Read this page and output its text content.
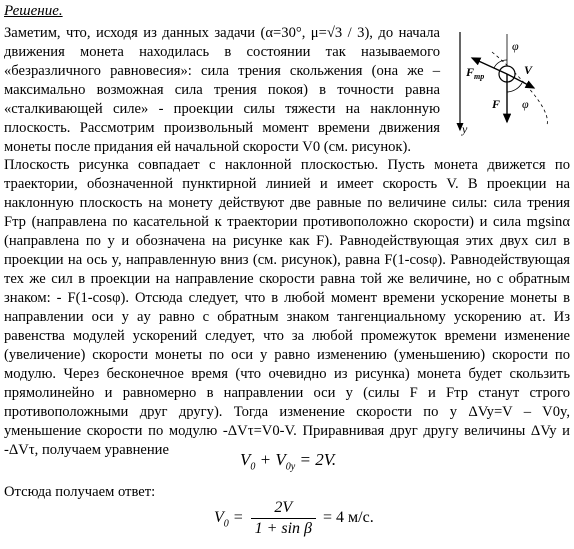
Решение.
Заметим, что, исходя из данных задачи (α=30°, μ=√3 / 3), до начала движения монета находилась в состоянии так называемого «безразличного равновесия»: сила трения скольжения (она же – максимально возможная сила трения покоя) в точности равна «сталкивающей силе» - проекции силы тяжести на наклонную плоскость. Рассмотрим произвольный момент времени движения монеты после придания ей начальной скорости V0 (см. рисунок).
y
$F_{тр}$	V
F
φ
φ
Плоскость рисунка совпадает с наклонной плоскостью. Пусть монета движется по траектории, обозначенной пунктирной линией и имеет скорость V. В проекции на наклонную плоскость на монету действуют две равные по величине силы: сила трения Fтр (направлена по касательной к траектории противоположно скорости) и сила mgsinα (направлена по y и обозначена на рисунке как F). Равнодействующая этих двух сил в проекции на ось y, направленную вниз (см. рисунок), равна F(1-cosφ). Равнодействующая тех же сил в проекции на направление скорости равна той же величине, но с обратным знаком: - F(1-cosφ). Отсюда следует, что в любой момент времени ускорение монеты в направлении оси y ay равно с обратным знаком тангенциальному ускорению aτ. Из равенства модулей ускорений следует, что за любой промежуток времени изменение (увеличение) скорости монеты по оси y равно изменению (уменьшению) скорости по модулю. Через бесконечное время (что очевидно из рисунка) монета будет скользить прямолинейно и равномерно в направлении оси y (силы F и Fтр станут строго противоположными друг другу). Тогда изменение скорости по y ΔVy=V – V0y, уменьшение скорости по модулю -ΔVτ=V0-V. Приравнивая друг другу величины ΔVy и -ΔVτ, получаем уравнение	$V_0 + V_{0y} = 2V$.
Отсюда получаем ответ:
$V_0 = \frac{2V}{\text{1 + sin β}} = 4$ м/с.
